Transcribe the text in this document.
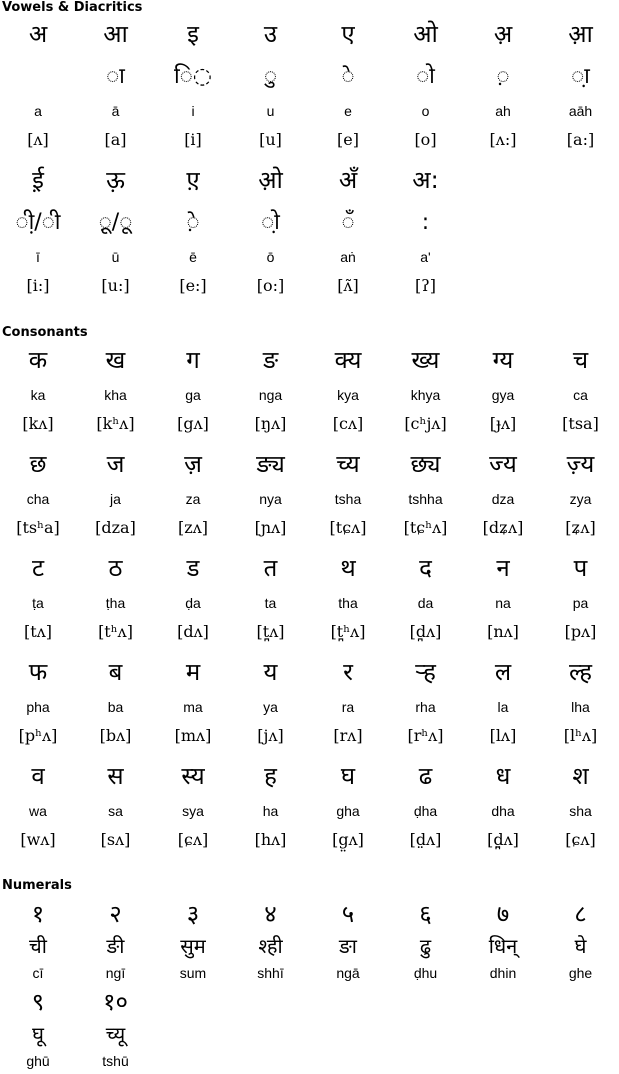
Vowels & Diacritics
Consonants
Numerals
अ
a
[ʌ]
आ
◌ा
ā
[a]
इ
ि◌
i
[i]
उ
◌ु
u
[u]
ए
◌े
e
[e]
ओ
◌ो
o
[o]
अ़
◌़
ah
[ʌ:]
आ़
◌ा़
aāh
[a:]
ई़
◌ी़/◌ी
ī
[i:]
ऊ़
◌ू़/◌ू
ū
[u:]
ए़
◌े़
ē
[e:]
ओ़
◌ो़
ō
[o:]
अँ
◌ँ
aṅ
[ʌ̃]
अ꞉
꞉
a'
[ʔ]
क
ka
[kʌ]
ख
kha
[kʰʌ]
ग
ga
[gʌ]
ङ
nga
[ŋʌ]
क्य
kya
[cʌ]
ख्य
khya
[cʰjʌ]
ग्य
gya
[ɟʌ]
च
ca
[tsa]
छ
cha
[tsʰa]
ज
ja
[dza]
ज़
za
[zʌ]
ङ्य
nya
[ɲʌ]
च्य
tsha
[tɕʌ]
छ्य
tshha
[tɕʰʌ]
ज्य
dza
[dʑʌ]
ज़्य
zya
[ʑʌ]
ट
ṭa
[tʌ]
ठ
ṭha
[tʰʌ]
ड
ḍa
[dʌ]
त
ta
[t̪ʌ]
थ
tha
[t̪ʰʌ]
द
da
[d̪ʌ]
न
na
[nʌ]
प
pa
[pʌ]
फ
pha
[pʰʌ]
ब
ba
[bʌ]
म
ma
[mʌ]
य
ya
[jʌ]
र
ra
[rʌ]
ऱ्ह
rha
[rʰʌ]
ल
la
[lʌ]
ल्ह
lha
[lʰʌ]
व
wa
[wʌ]
स
sa
[sʌ]
स्य
sya
[ɕʌ]
ह
ha
[hʌ]
घ
gha
[g̤ʌ]
ढ
ḍha
[d̤ʌ]
ध
dha
[d̪̤ʌ]
श
sha
[ɕʌ]
१
ची
cī
२
ङी
ngī
३
सुम
sum
४
श्ही
shhī
५
ङा
ngā
६
ढु
ḍhu
७
धिन्
dhin
८
घे
ghe
९
घू
ghū
१०
च्यू
tshū
